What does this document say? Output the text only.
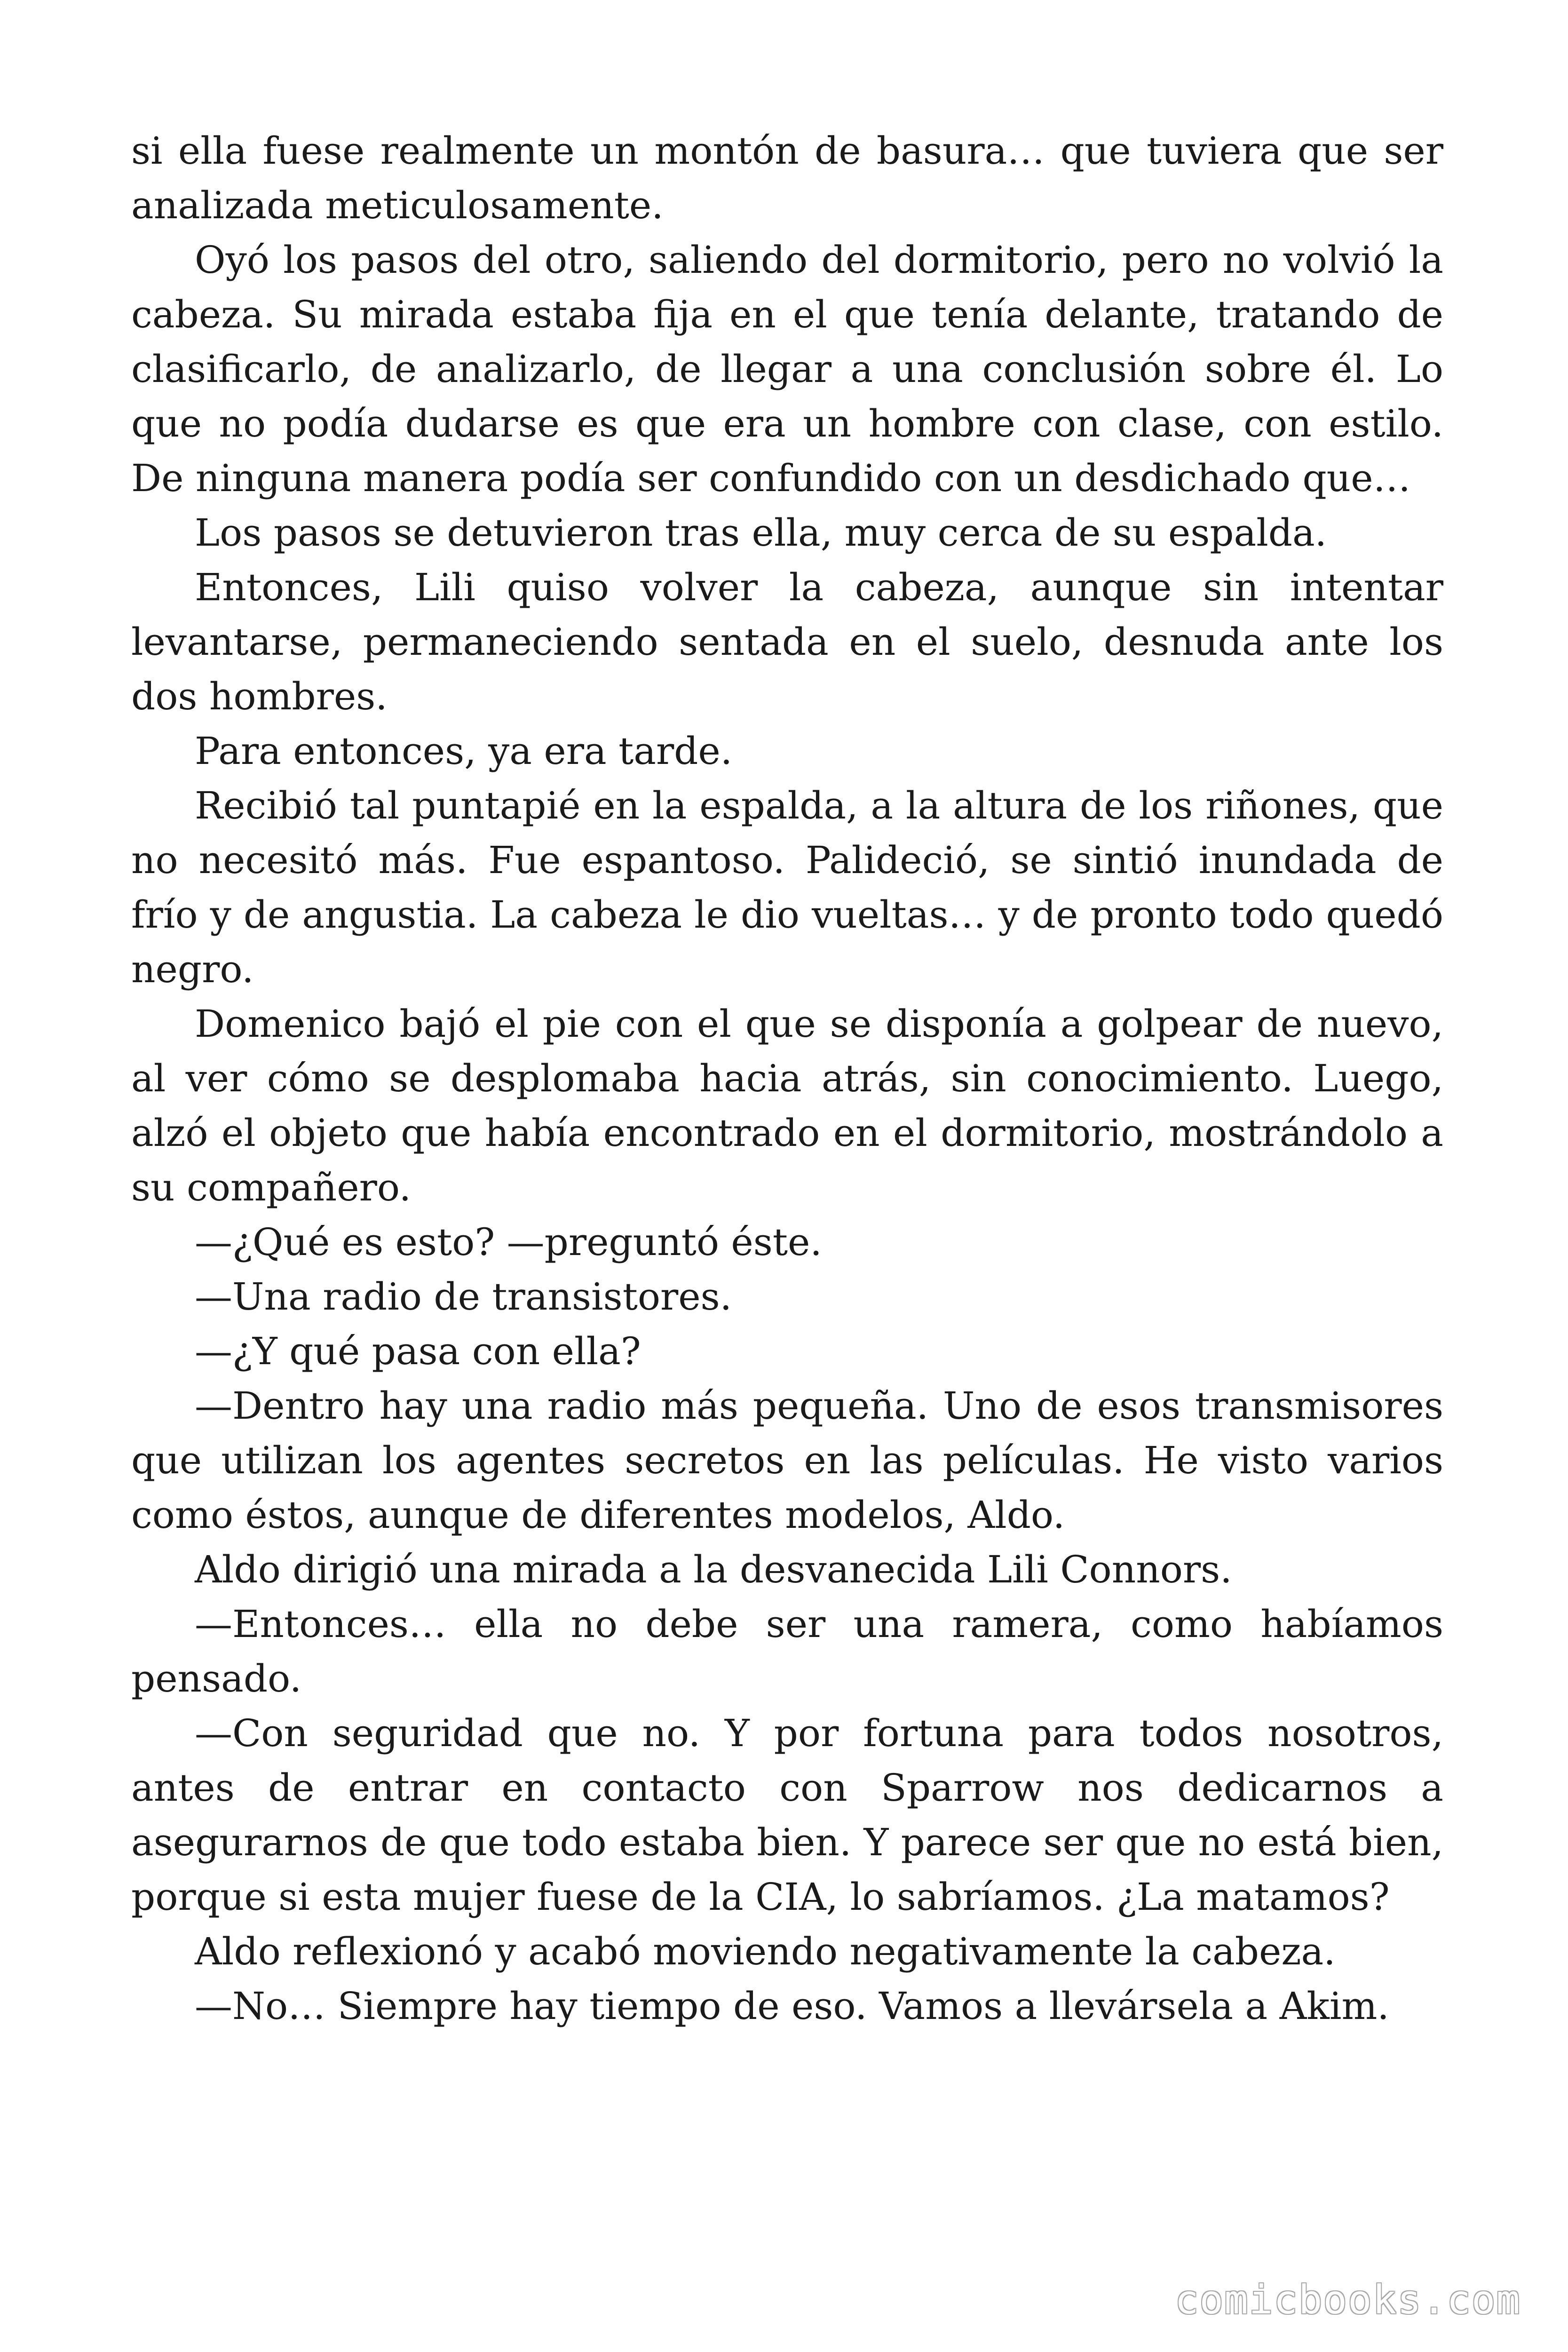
si ella fuese realmente un montón de basura… que tuviera que ser analizada meticulosamente.

Oyó los pasos del otro, saliendo del dormitorio, pero no volvió la cabeza. Su mirada estaba fija en el que tenía delante, tratando de clasificarlo, de analizarlo, de llegar a una conclusión sobre él. Lo que no podía dudarse es que era un hombre con clase, con estilo. De ninguna manera podía ser confundido con un desdichado que…

Los pasos se detuvieron tras ella, muy cerca de su espalda.

Entonces, Lili quiso volver la cabeza, aunque sin intentar levantarse, permaneciendo sentada en el suelo, desnuda ante los dos hombres.

Para entonces, ya era tarde.

Recibió tal puntapié en la espalda, a la altura de los riñones, que no necesitó más. Fue espantoso. Palideció, se sintió inundada de frío y de angustia. La cabeza le dio vueltas… y de pronto todo quedó negro.

Domenico bajó el pie con el que se disponía a golpear de nuevo, al ver cómo se desplomaba hacia atrás, sin conocimiento. Luego, alzó el objeto que había encontrado en el dormitorio, mostrándolo a su compañero.

—¿Qué es esto? —preguntó éste.

—Una radio de transistores.

—¿Y qué pasa con ella?

—Dentro hay una radio más pequeña. Uno de esos transmisores que utilizan los agentes secretos en las películas. He visto varios como éstos, aunque de diferentes modelos, Aldo.

Aldo dirigió una mirada a la desvanecida Lili Connors.

—Entonces… ella no debe ser una ramera, como habíamos pensado.

—Con seguridad que no. Y por fortuna para todos nosotros, antes de entrar en contacto con Sparrow nos dedicarnos a asegurarnos de que todo estaba bien. Y parece ser que no está bien, porque si esta mujer fuese de la CIA, lo sabríamos. ¿La matamos?

Aldo reflexionó y acabó moviendo negativamente la cabeza.

—No… Siempre hay tiempo de eso. Vamos a llevársela a Akim.

comicbooks.com
